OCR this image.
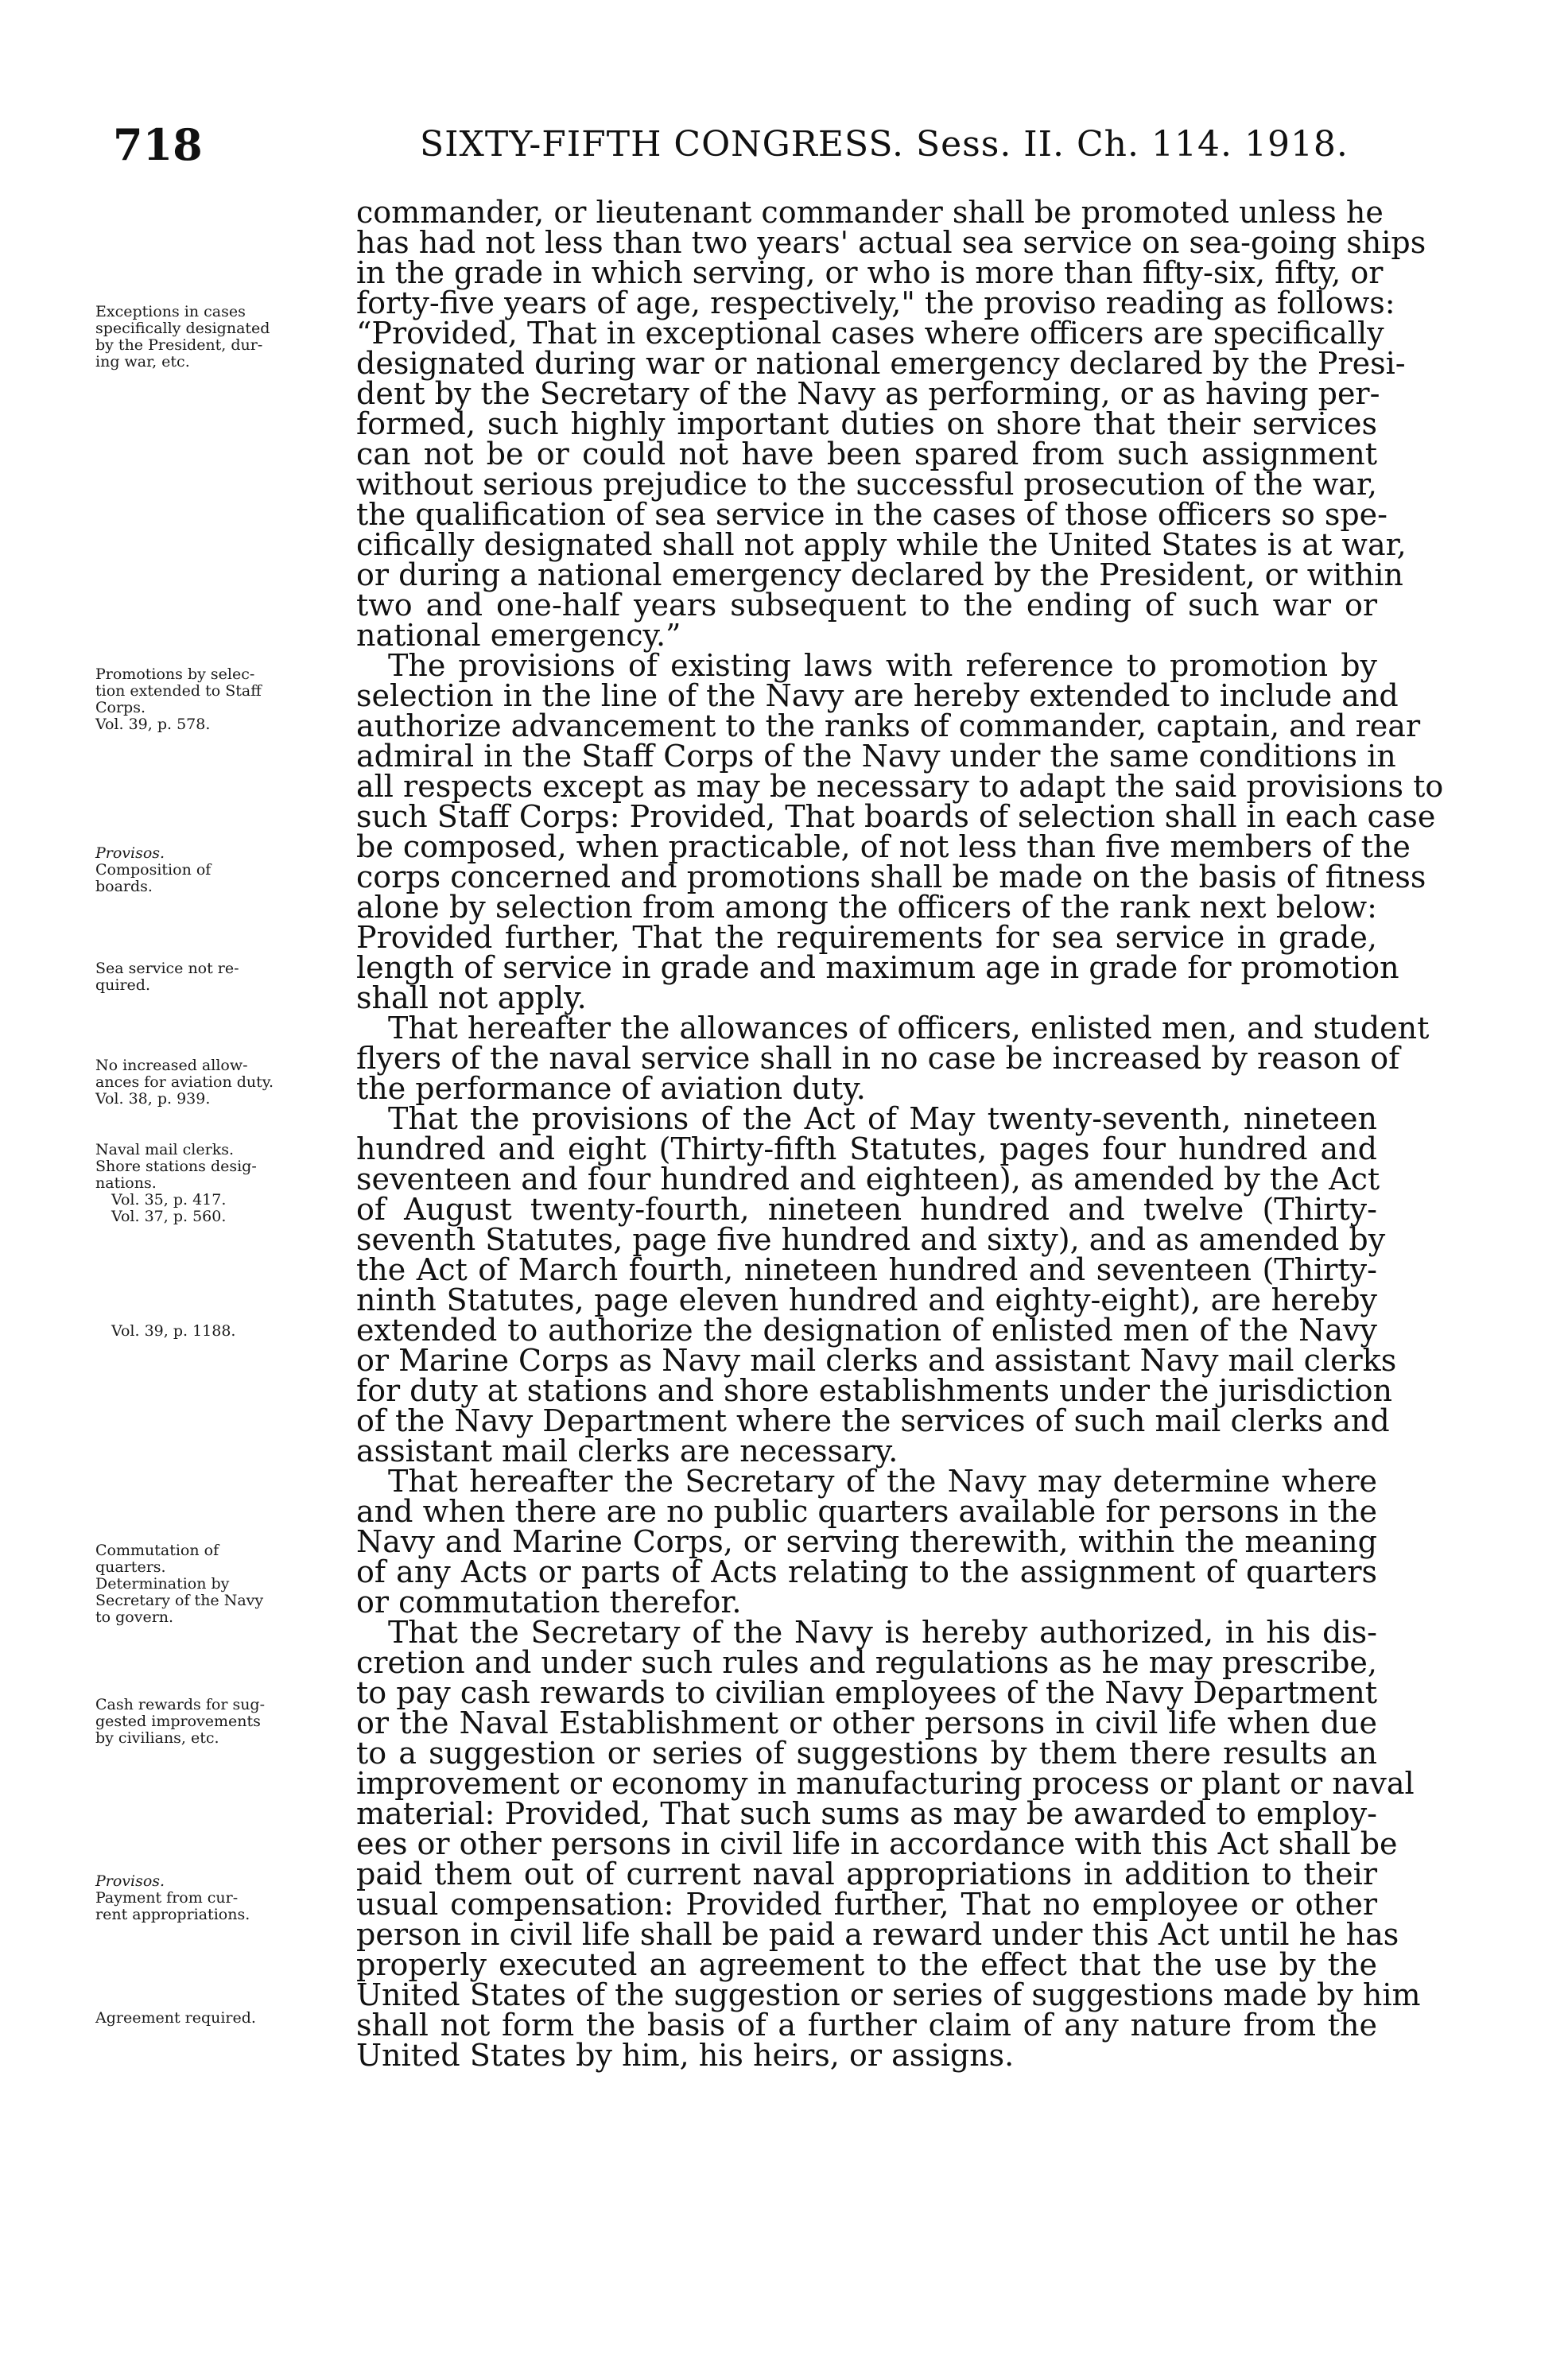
718	SIXTY-FIFTH CONGRESS. Sess. II. Ch. 114. 1918.
Exceptions in cases
specifically designated
by the President, dur-
ing war, etc.
Promotions by selec-
tion extended to Staff
Corps.
Vol. 39, p. 578.
Provisos.
Composition of
boards.
Sea service not re-
quired.
No increased allow-
ances for aviation duty.
Vol. 38, p. 939.
Naval mail clerks.
Shore stations desig-
nations.
Vol. 35, p. 417.
Vol. 37, p. 560.
Vol. 39, p. 1188.
Commutation of
quarters.
Determination by
Secretary of the Navy
to govern.
Cash rewards for sug-
gested improvements
by civilians, etc.
Provisos.
Payment from cur-
rent appropriations.
Agreement required.
commander, or lieutenant commander shall be promoted unless he
has had not less than two years' actual sea service on sea-going ships
in the grade in which serving, or who is more than fifty-six, fifty, or
forty-five years of age, respectively," the proviso reading as follows:
“Provided, That in exceptional cases where officers are specifically
designated during war or national emergency declared by the Presi-
dent by the Secretary of the Navy as performing, or as having per-
formed, such highly important duties on shore that their services
can not be or could not have been spared from such assignment
without serious prejudice to the successful prosecution of the war,
the qualification of sea service in the cases of those officers so spe-
cifically designated shall not apply while the United States is at war,
or during a national emergency declared by the President, or within
two and one-half years subsequent to the ending of such war or
national emergency.”
The provisions of existing laws with reference to promotion by
selection in the line of the Navy are hereby extended to include and
authorize advancement to the ranks of commander, captain, and rear
admiral in the Staff Corps of the Navy under the same conditions in
all respects except as may be necessary to adapt the said provisions to
such Staff Corps: Provided, That boards of selection shall in each case
be composed, when practicable, of not less than five members of the
corps concerned and promotions shall be made on the basis of fitness
alone by selection from among the officers of the rank next below:
Provided further, That the requirements for sea service in grade,
length of service in grade and maximum age in grade for promotion
shall not apply.
That hereafter the allowances of officers, enlisted men, and student
flyers of the naval service shall in no case be increased by reason of
the performance of aviation duty.
That the provisions of the Act of May twenty-seventh, nineteen
hundred and eight (Thirty-fifth Statutes, pages four hundred and
seventeen and four hundred and eighteen), as amended by the Act
of August twenty-fourth, nineteen hundred and twelve (Thirty-
seventh Statutes, page five hundred and sixty), and as amended by
the Act of March fourth, nineteen hundred and seventeen (Thirty-
ninth Statutes, page eleven hundred and eighty-eight), are hereby
extended to authorize the designation of enlisted men of the Navy
or Marine Corps as Navy mail clerks and assistant Navy mail clerks
for duty at stations and shore establishments under the jurisdiction
of the Navy Department where the services of such mail clerks and
assistant mail clerks are necessary.
That hereafter the Secretary of the Navy may determine where
and when there are no public quarters available for persons in the
Navy and Marine Corps, or serving therewith, within the meaning
of any Acts or parts of Acts relating to the assignment of quarters
or commutation therefor.
That the Secretary of the Navy is hereby authorized, in his dis-
cretion and under such rules and regulations as he may prescribe,
to pay cash rewards to civilian employees of the Navy Department
or the Naval Establishment or other persons in civil life when due
to a suggestion or series of suggestions by them there results an
improvement or economy in manufacturing process or plant or naval
material: Provided, That such sums as may be awarded to employ-
ees or other persons in civil life in accordance with this Act shall be
paid them out of current naval appropriations in addition to their
usual compensation: Provided further, That no employee or other
person in civil life shall be paid a reward under this Act until he has
properly executed an agreement to the effect that the use by the
United States of the suggestion or series of suggestions made by him
shall not form the basis of a further claim of any nature from the
United States by him, his heirs, or assigns.
